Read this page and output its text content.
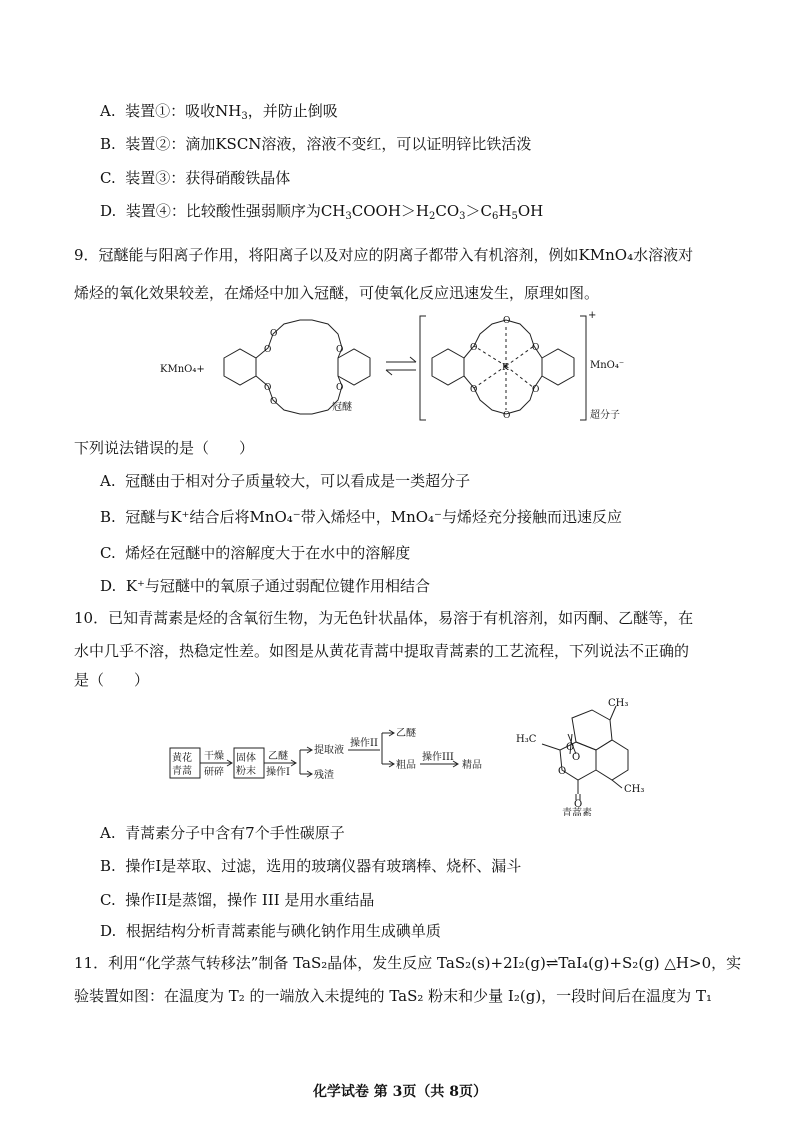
A. 装置①：吸收$NH_3$，并防止倒吸
B. 装置②：滴加KSCN溶液，溶液不变红，可以证明锌比铁活泼
C. 装置③：获得硝酸铁晶体
D. 装置④：比较酸性强弱顺序为$CH_3COOH>H_2CO_3>C_6H_5OH$
9．冠醚能与阳离子作用，将阳离子以及对应的阴离子都带入有机溶剂，例如KMnO₄水溶液对
烯烃的氧化效果较差，在烯烃中加入冠醚，可使氧化反应迅速发生，原理如图。
KMnO₄+
O
O
O
O
O
O
冠醚
K
O	O
O	O
O
O
MnO₄⁻
+
超分子
下列说法错误的是（　　）
A. 冠醚由于相对分子质量较大，可以看成是一类超分子
B. 冠醚与K⁺结合后将MnO₄⁻带入烯烃中，MnO₄⁻与烯烃充分接触而迅速反应
C. 烯烃在冠醚中的溶解度大于在水中的溶解度
D. K⁺与冠醚中的氧原子通过弱配位键作用相结合
10．已知青蒿素是烃的含氧衍生物，为无色针状晶体，易溶于有机溶剂，如丙酮、乙醚等，在
水中几乎不溶，热稳定性差。如图是从黄花青蒿中提取青蒿素的工艺流程，下列说法不正确的
是（　　）
黄花
青蒿
干燥
研碎
固体
粉末
乙醚
操作I
提取液
残渣
操作II
乙醚
粗品
操作III
精品
CH₃
H₃C
O
O
O
O
CH₃
青蒿素
A. 青蒿素分子中含有7个手性碳原子
B. 操作I是萃取、过滤，选用的玻璃仪器有玻璃棒、烧杯、漏斗
C. 操作II是蒸馏，操作 III 是用水重结晶
D. 根据结构分析青蒿素能与碘化钠作用生成碘单质
11．利用“化学蒸气转移法”制备 TaS₂晶体，发生反应 TaS₂(s)+2I₂(g)⇌TaI₄(g)+S₂(g) △H>0，实
验装置如图：在温度为 T₂ 的一端放入未提纯的 TaS₂ 粉末和少量 I₂(g)，一段时间后在温度为 T₁
化学试卷 第 3页（共 8页）
